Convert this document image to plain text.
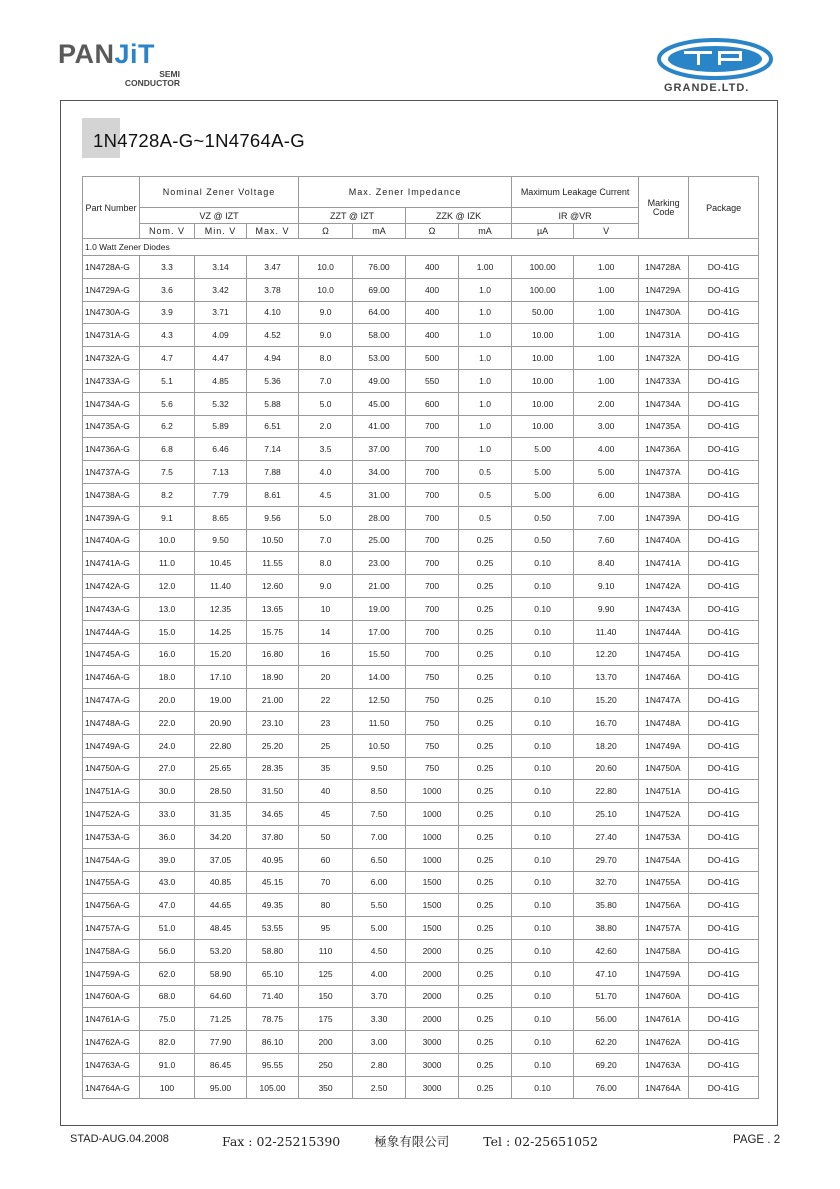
PANJiT
SEMI
CONDUCTOR	GRANDE.LTD.
1N4728A-G~1N4764A-G
Part Number	Nominal Zener Voltage			Max. Zener Impedance				Maximum Leakage Current		Marking Code	Package
	VZ @ IZT			ZZT @ IZT		ZZK @ IZK		IR @VR			
	Nom. V	Min. V	Max. V	Ω	mA	Ω	mA	µA	V		
1.0 Watt Zener Diodes											
1N4728A-G	3.3	3.14	3.47	10.0	76.00	400	1.00	100.00	1.00	1N4728A	DO-41G
1N4729A-G	3.6	3.42	3.78	10.0	69.00	400	1.0	100.00	1.00	1N4729A	DO-41G
1N4730A-G	3.9	3.71	4.10	9.0	64.00	400	1.0	50.00	1.00	1N4730A	DO-41G
1N4731A-G	4.3	4.09	4.52	9.0	58.00	400	1.0	10.00	1.00	1N4731A	DO-41G
1N4732A-G	4.7	4.47	4.94	8.0	53.00	500	1.0	10.00	1.00	1N4732A	DO-41G
1N4733A-G	5.1	4.85	5.36	7.0	49.00	550	1.0	10.00	1.00	1N4733A	DO-41G
1N4734A-G	5.6	5.32	5.88	5.0	45.00	600	1.0	10.00	2.00	1N4734A	DO-41G
1N4735A-G	6.2	5.89	6.51	2.0	41.00	700	1.0	10.00	3.00	1N4735A	DO-41G
1N4736A-G	6.8	6.46	7.14	3.5	37.00	700	1.0	5.00	4.00	1N4736A	DO-41G
1N4737A-G	7.5	7.13	7.88	4.0	34.00	700	0.5	5.00	5.00	1N4737A	DO-41G
1N4738A-G	8.2	7.79	8.61	4.5	31.00	700	0.5	5.00	6.00	1N4738A	DO-41G
1N4739A-G	9.1	8.65	9.56	5.0	28.00	700	0.5	0.50	7.00	1N4739A	DO-41G
1N4740A-G	10.0	9.50	10.50	7.0	25.00	700	0.25	0.50	7.60	1N4740A	DO-41G
1N4741A-G	11.0	10.45	11.55	8.0	23.00	700	0.25	0.10	8.40	1N4741A	DO-41G
1N4742A-G	12.0	11.40	12.60	9.0	21.00	700	0.25	0.10	9.10	1N4742A	DO-41G
1N4743A-G	13.0	12.35	13.65	10	19.00	700	0.25	0.10	9.90	1N4743A	DO-41G
1N4744A-G	15.0	14.25	15.75	14	17.00	700	0.25	0.10	11.40	1N4744A	DO-41G
1N4745A-G	16.0	15.20	16.80	16	15.50	700	0.25	0.10	12.20	1N4745A	DO-41G
1N4746A-G	18.0	17.10	18.90	20	14.00	750	0.25	0.10	13.70	1N4746A	DO-41G
1N4747A-G	20.0	19.00	21.00	22	12.50	750	0.25	0.10	15.20	1N4747A	DO-41G
1N4748A-G	22.0	20.90	23.10	23	11.50	750	0.25	0.10	16.70	1N4748A	DO-41G
1N4749A-G	24.0	22.80	25.20	25	10.50	750	0.25	0.10	18.20	1N4749A	DO-41G
1N4750A-G	27.0	25.65	28.35	35	9.50	750	0.25	0.10	20.60	1N4750A	DO-41G
1N4751A-G	30.0	28.50	31.50	40	8.50	1000	0.25	0.10	22.80	1N4751A	DO-41G
1N4752A-G	33.0	31.35	34.65	45	7.50	1000	0.25	0.10	25.10	1N4752A	DO-41G
1N4753A-G	36.0	34.20	37.80	50	7.00	1000	0.25	0.10	27.40	1N4753A	DO-41G
1N4754A-G	39.0	37.05	40.95	60	6.50	1000	0.25	0.10	29.70	1N4754A	DO-41G
1N4755A-G	43.0	40.85	45.15	70	6.00	1500	0.25	0.10	32.70	1N4755A	DO-41G
1N4756A-G	47.0	44.65	49.35	80	5.50	1500	0.25	0.10	35.80	1N4756A	DO-41G
1N4757A-G	51.0	48.45	53.55	95	5.00	1500	0.25	0.10	38.80	1N4757A	DO-41G
1N4758A-G	56.0	53.20	58.80	110	4.50	2000	0.25	0.10	42.60	1N4758A	DO-41G
1N4759A-G	62.0	58.90	65.10	125	4.00	2000	0.25	0.10	47.10	1N4759A	DO-41G
1N4760A-G	68.0	64.60	71.40	150	3.70	2000	0.25	0.10	51.70	1N4760A	DO-41G
1N4761A-G	75.0	71.25	78.75	175	3.30	2000	0.25	0.10	56.00	1N4761A	DO-41G
1N4762A-G	82.0	77.90	86.10	200	3.00	3000	0.25	0.10	62.20	1N4762A	DO-41G
1N4763A-G	91.0	86.45	95.55	250	2.80	3000	0.25	0.10	69.20	1N4763A	DO-41G
1N4764A-G	100	95.00	105.00	350	2.50	3000	0.25	0.10	76.00	1N4764A	DO-41G
STAD-AUG.04.2008	Fax : 02-25215390	極象有限公司	Tel : 02-25651052	PAGE . 2
